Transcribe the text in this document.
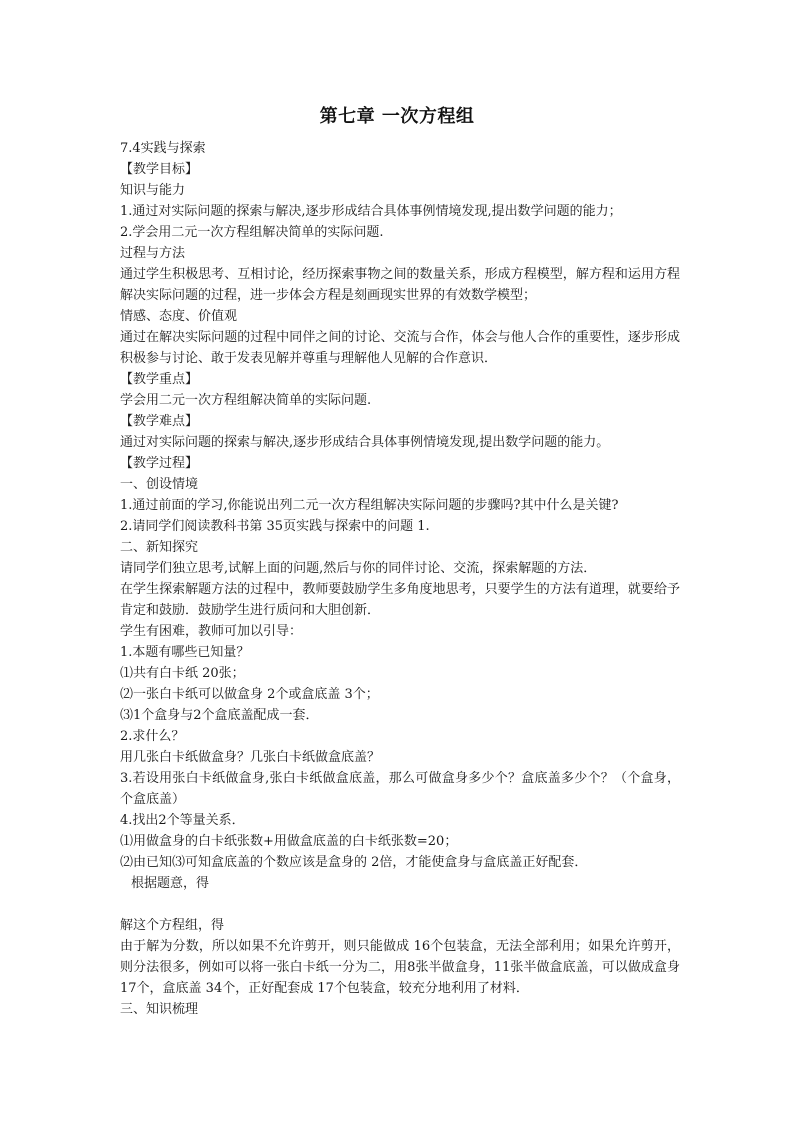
第七章 一次方程组
7.4实践与探索
【教学目标】
知识与能力
1.通过对实际问题的探索与解决,逐步形成结合具体事例情境发现,提出数学问题的能力；
2.学会用二元一次方程组解决简单的实际问题.
过程与方法
通过学生积极思考、互相讨论，经历探索事物之间的数量关系，形成方程模型，解方程和运用方程解决实际问题的过程，进一步体会方程是刻画现实世界的有效数学模型；
情感、态度、价值观
通过在解决实际问题的过程中同伴之间的讨论、交流与合作，体会与他人合作的重要性，逐步形成积极参与讨论、敢于发表见解并尊重与理解他人见解的合作意识．
【教学重点】
学会用二元一次方程组解决简单的实际问题.
【教学难点】
通过对实际问题的探索与解决,逐步形成结合具体事例情境发现,提出数学问题的能力。
【教学过程】
一、创设情境
1.通过前面的学习,你能说出列二元一次方程组解决实际问题的步骤吗?其中什么是关键?
2.请同学们阅读教科书第 35页实践与探索中的问题 1.
二、新知探究
请同学们独立思考,试解上面的问题,然后与你的同伴讨论、交流，探索解题的方法．
在学生探索解题方法的过程中，教师要鼓励学生多角度地思考，只要学生的方法有道理，就要给予肯定和鼓励．鼓励学生进行质问和大胆创新．
学生有困难，教师可加以引导：
1.本题有哪些已知量？
⑴共有白卡纸 20张；
⑵一张白卡纸可以做盒身 2个或盒底盖 3个；
⑶1个盒身与2个盒底盖配成一套．
2.求什么？
用几张白卡纸做盒身？几张白卡纸做盒底盖？
3.若设用张白卡纸做盒身,张白卡纸做盒底盖，那么可做盒身多少个？盒底盖多少个？（个盒身，个盒底盖）
4.找出2个等量关系．
⑴用做盒身的白卡纸张数+用做盒底盖的白卡纸张数=20；
⑵由已知⑶可知盒底盖的个数应该是盒身的 2倍，才能使盒身与盒底盖正好配套．
根据题意，得
解这个方程组，得
由于解为分数，所以如果不允许剪开，则只能做成 16个包装盒，无法全部利用；如果允许剪开，则分法很多，例如可以将一张白卡纸一分为二，用8张半做盒身，11张半做盒底盖，可以做成盒身 17个，盒底盖 34个，正好配套成 17个包装盒，较充分地利用了材料．
三、知识梳理
